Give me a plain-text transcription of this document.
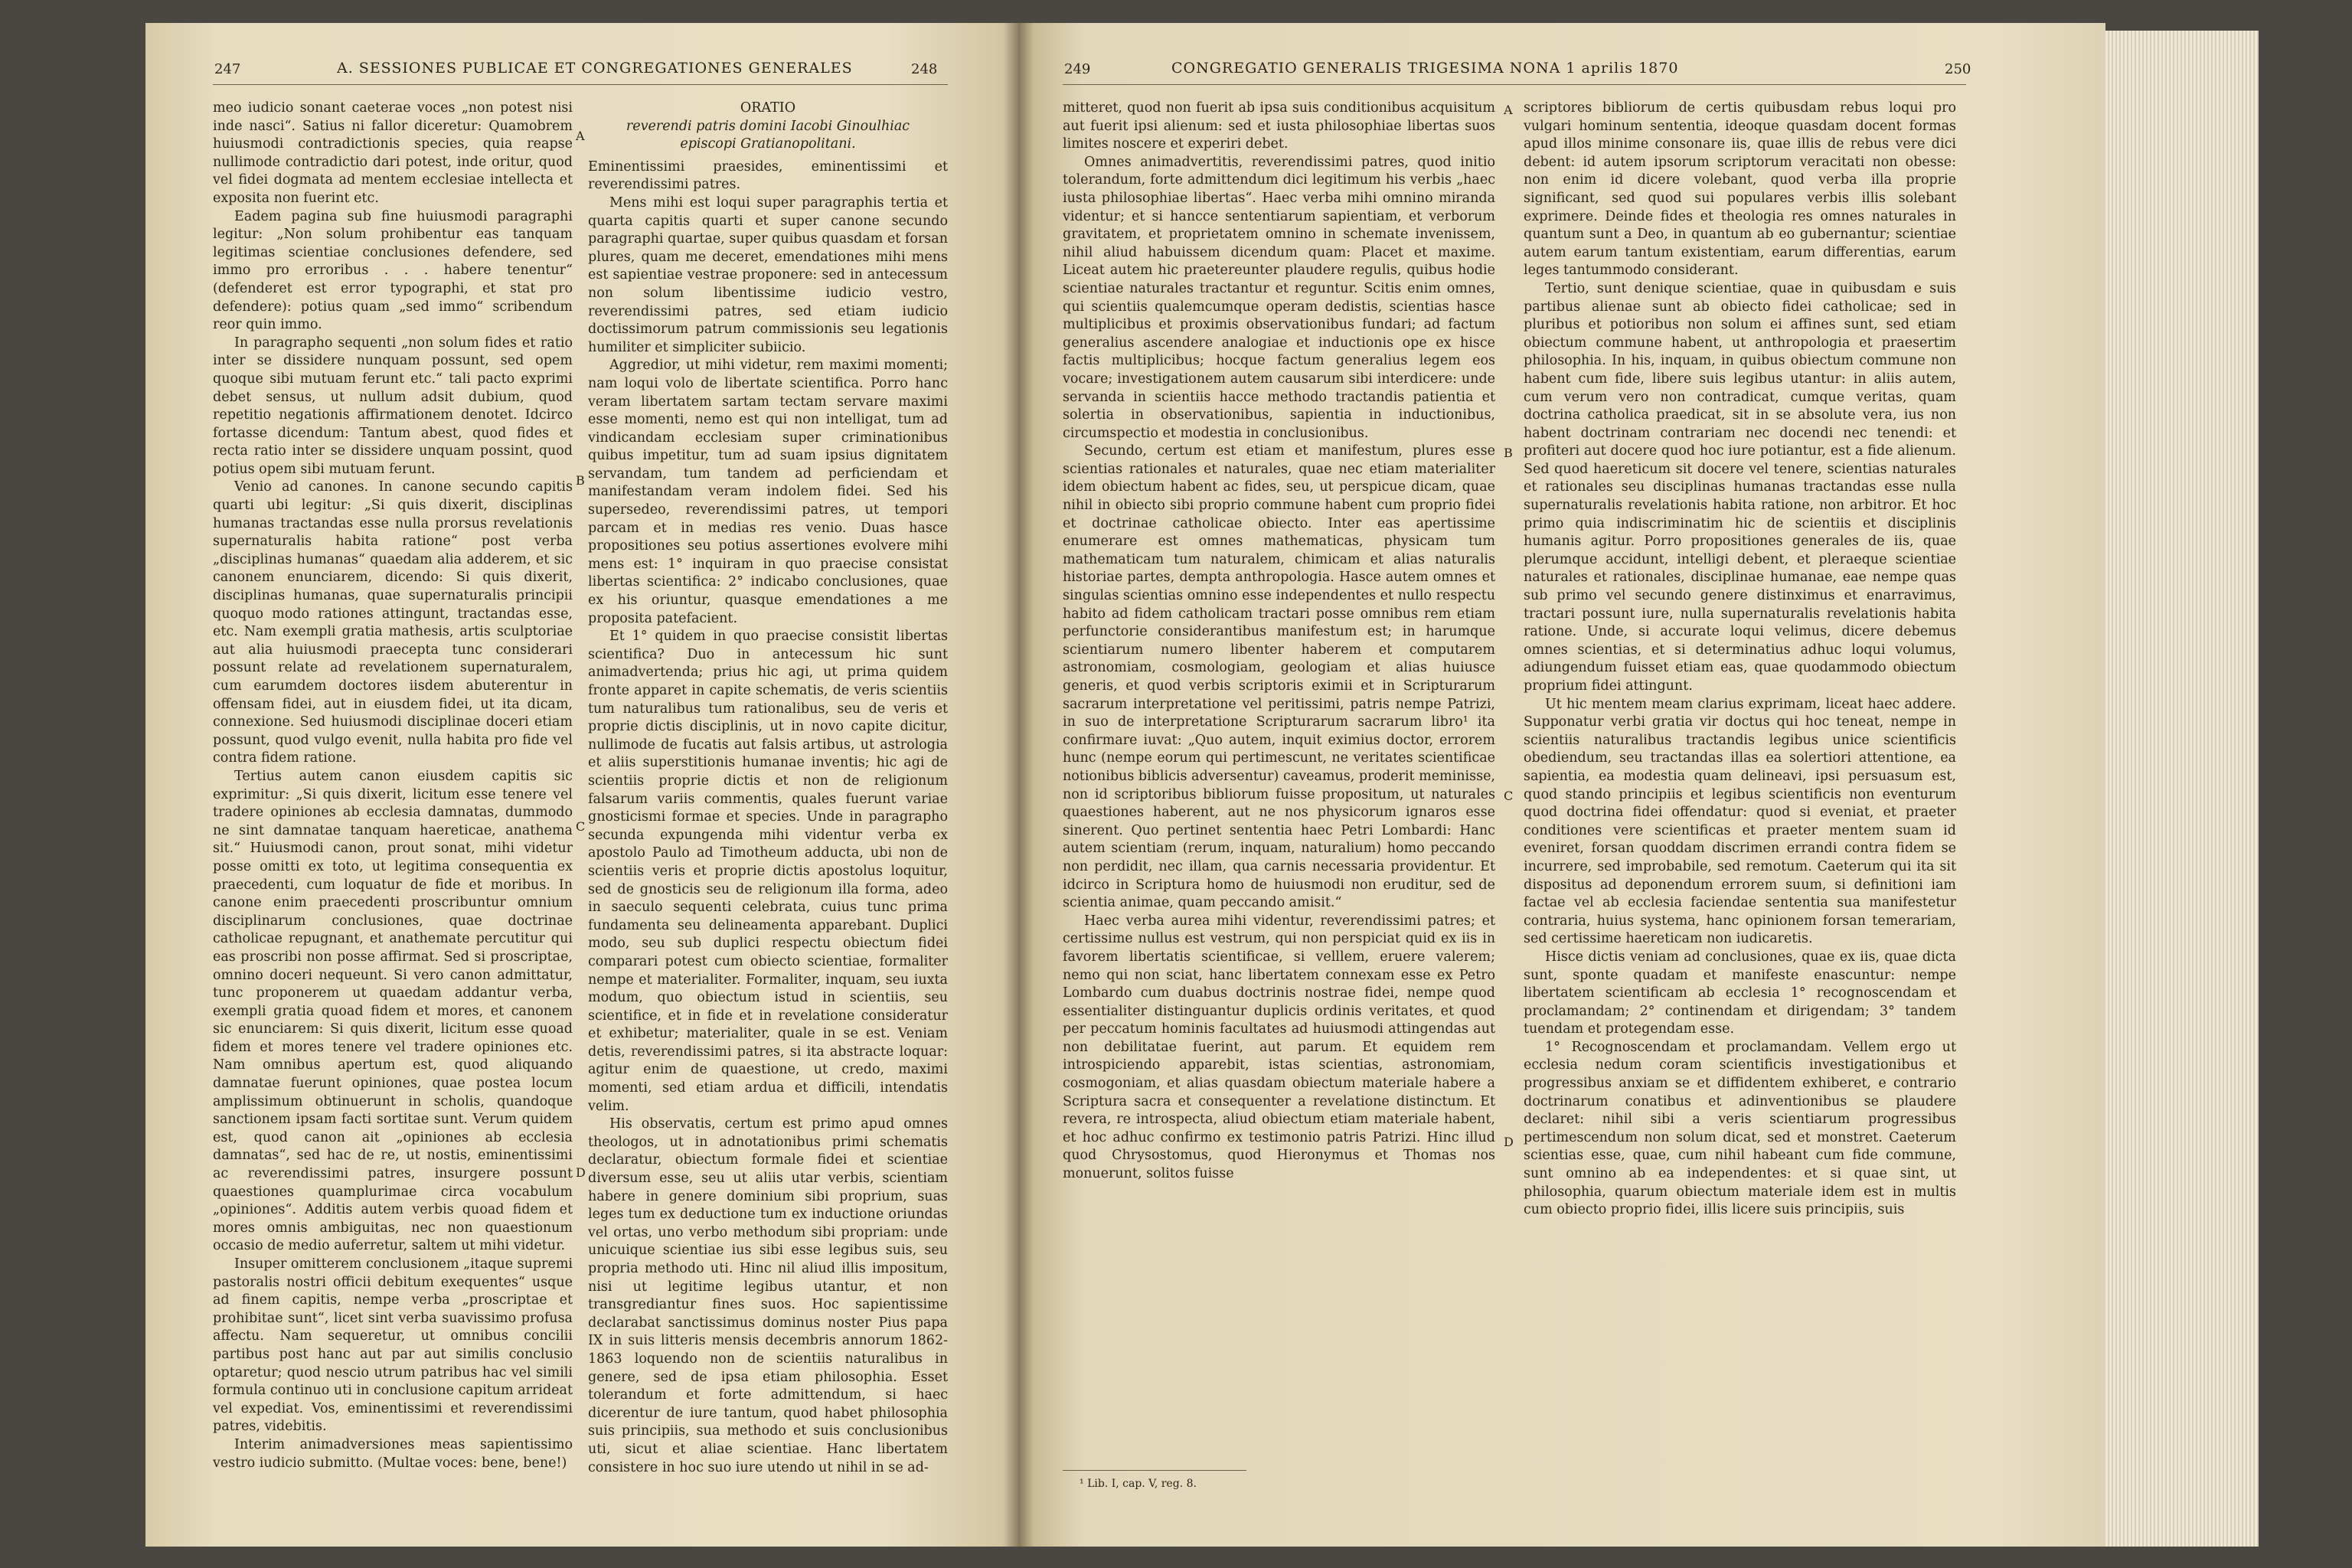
247	A. SESSIONES PUBLICAE ET CONGREGATIONES GENERALES	248

meo iudicio sonant caeterae voces „non potest nisi inde nasci“. Satius ni fallor diceretur: Quamobrem huiusmodi contradictionis species, quia reapse nullimode contradictio dari potest, inde oritur, quod vel fidei dogmata ad mentem ecclesiae intellecta et exposita non fuerint etc.

Eadem pagina sub fine huiusmodi paragraphi legitur: „Non solum prohibentur eas tanquam legitimas scientiae conclusiones defendere, sed immo pro erroribus . . . habere tenentur“ (defenderet est error typographi, et stat pro defendere): potius quam „sed immo“ scribendum reor quin immo.

In paragrapho sequenti „non solum fides et ratio inter se dissidere nunquam possunt, sed opem quoque sibi mutuam ferunt etc.“ tali pacto exprimi debet sensus, ut nullum adsit dubium, quod repetitio negationis affirmationem denotet. Idcirco fortasse dicendum: Tantum abest, quod fides et recta ratio inter se dissidere unquam possint, quod potius opem sibi mutuam ferunt.

Venio ad canones. In canone secundo capitis quarti ubi legitur: „Si quis dixerit, disciplinas humanas tractandas esse nulla prorsus revelationis supernaturalis habita ratione“ post verba „disciplinas humanas“ quaedam alia adderem, et sic canonem enunciarem, dicendo: Si quis dixerit, disciplinas humanas, quae supernaturalis principii quoquo modo rationes attingunt, tractandas esse, etc. Nam exempli gratia mathesis, artis sculptoriae aut alia huiusmodi praecepta tunc considerari possunt relate ad revelationem supernaturalem, cum earumdem doctores iisdem abuterentur in offensam fidei, aut in eiusdem fidei, ut ita dicam, connexione. Sed huiusmodi disciplinae doceri etiam possunt, quod vulgo evenit, nulla habita pro fide vel contra fidem ratione.

Tertius autem canon eiusdem capitis sic exprimitur: „Si quis dixerit, licitum esse tenere vel tradere opiniones ab ecclesia damnatas, dummodo ne sint damnatae tanquam haereticae, anathema sit.“ Huiusmodi canon, prout sonat, mihi videtur posse omitti ex toto, ut legitima consequentia ex praecedenti, cum loquatur de fide et moribus. In canone enim praecedenti proscribuntur omnium disciplinarum conclusiones, quae doctrinae catholicae repugnant, et anathemate percutitur qui eas proscribi non posse affirmat. Sed si proscriptae, omnino doceri nequeunt. Si vero canon admittatur, tunc proponerem ut quaedam addantur verba, exempli gratia quoad fidem et mores, et canonem sic enunciarem: Si quis dixerit, licitum esse quoad fidem et mores tenere vel tradere opiniones etc. Nam omnibus apertum est, quod aliquando damnatae fuerunt opiniones, quae postea locum amplissimum obtinuerunt in scholis, quandoque sanctionem ipsam facti sortitae sunt. Verum quidem est, quod canon ait „opiniones ab ecclesia damnatas“, sed hac de re, ut nostis, eminentissimi ac reverendissimi patres, insurgere possunt quaestiones quamplurimae circa vocabulum „opiniones“. Additis autem verbis quoad fidem et mores omnis ambiguitas, nec non quaestionum occasio de medio auferretur, saltem ut mihi videtur.

Insuper omitterem conclusionem „itaque supremi pastoralis nostri officii debitum exequentes“ usque ad finem capitis, nempe verba „proscriptae et prohibitae sunt“, licet sint verba suavissimo profusa affectu. Nam sequeretur, ut omnibus concilii partibus post hanc aut par aut similis conclusio optaretur; quod nescio utrum patribus hac vel simili formula continuo uti in conclusione capitum arrideat vel expediat. Vos, eminentissimi et reverendissimi patres, videbitis.

Interim animadversiones meas sapientissimo vestro iudicio submitto. (Multae voces: bene, bene!)

ORATIO

reverendi patris domini Iacobi Ginoulhiac

episcopi Gratianopolitani.

Eminentissimi praesides, eminentissimi et reverendissimi patres.

Mens mihi est loqui super paragraphis tertia et quarta capitis quarti et super canone secundo paragraphi quartae, super quibus quasdam et forsan plures, quam me deceret, emendationes mihi mens est sapientiae vestrae proponere: sed in antecessum non solum libentissime iudicio vestro, reverendissimi patres, sed etiam iudicio doctissimorum patrum commissionis seu legationis humiliter et simpliciter subiicio.

Aggredior, ut mihi videtur, rem maximi momenti; nam loqui volo de libertate scientifica. Porro hanc veram libertatem sartam tectam servare maximi esse momenti, nemo est qui non intelligat, tum ad vindicandam ecclesiam super criminationibus quibus impetitur, tum ad suam ipsius dignitatem servandam, tum tandem ad perficiendam et manifestandam veram indolem fidei. Sed his supersedeo, reverendissimi patres, ut tempori parcam et in medias res venio. Duas hasce propositiones seu potius assertiones evolvere mihi mens est: 1° inquiram in quo praecise consistat libertas scientifica: 2° indicabo conclusiones, quae ex his oriuntur, quasque emendationes a me proposita patefacient.

Et 1° quidem in quo praecise consistit libertas scientifica? Duo in antecessum hic sunt animadvertenda; prius hic agi, ut prima quidem fronte apparet in capite schematis, de veris scientiis tum naturalibus tum rationalibus, seu de veris et proprie dictis disciplinis, ut in novo capite dicitur, nullimode de fucatis aut falsis artibus, ut astrologia et aliis superstitionis humanae inventis; hic agi de scientiis proprie dictis et non de religionum falsarum variis commentis, quales fuerunt variae gnosticismi formae et species. Unde in paragrapho secunda expungenda mihi videntur verba ex apostolo Paulo ad Timotheum adducta, ubi non de scientiis veris et proprie dictis apostolus loquitur, sed de gnosticis seu de religionum illa forma, adeo in saeculo sequenti celebrata, cuius tunc prima fundamenta seu delineamenta apparebant. Duplici modo, seu sub duplici respectu obiectum fidei comparari potest cum obiecto scientiae, formaliter nempe et materialiter. Formaliter, inquam, seu iuxta modum, quo obiectum istud in scientiis, seu scientifice, et in fide et in revelatione consideratur et exhibetur; materialiter, quale in se est. Veniam detis, reverendissimi patres, si ita abstracte loquar: agitur enim de quaestione, ut credo, maximi momenti, sed etiam ardua et difficili, intendatis velim.

His observatis, certum est primo apud omnes theologos, ut in adnotationibus primi schematis declaratur, obiectum formale fidei et scientiae diversum esse, seu ut aliis utar verbis, scientiam habere in genere dominium sibi proprium, suas leges tum ex deductione tum ex inductione oriundas vel ortas, uno verbo methodum sibi propriam: unde unicuique scientiae ius sibi esse legibus suis, seu propria methodo uti. Hinc nil aliud illis impositum, nisi ut legitime legibus utantur, et non transgrediantur fines suos. Hoc sapientissime declarabat sanctissimus dominus noster Pius papa IX in suis litteris mensis decembris annorum 1862-1863 loquendo non de scientiis naturalibus in genere, sed de ipsa etiam philosophia. Esset tolerandum et forte admittendum, si haec dicerentur de iure tantum, quod habet philosophia suis principiis, sua methodo et suis conclusionibus uti, sicut et aliae scientiae. Hanc libertatem consistere in hoc suo iure utendo ut nihil in se ad-

A
B
C
D
249	CONGREGATIO GENERALIS TRIGESIMA NONA 1 aprilis 1870	250

mitteret, quod non fuerit ab ipsa suis conditionibus acquisitum aut fuerit ipsi alienum: sed et iusta philosophiae libertas suos limites noscere et experiri debet.

Omnes animadvertitis, reverendissimi patres, quod initio tolerandum, forte admittendum dici legitimum his verbis „haec iusta philosophiae libertas“. Haec verba mihi omnino miranda videntur; et si hancce sententiarum sapientiam, et verborum gravitatem, et proprietatem omnino in schemate invenissem, nihil aliud habuissem dicendum quam: Placet et maxime. Liceat autem hic praetereunter plaudere regulis, quibus hodie scientiae naturales tractantur et reguntur. Scitis enim omnes, qui scientiis qualemcumque operam dedistis, scientias hasce multiplicibus et proximis observationibus fundari; ad factum generalius ascendere analogiae et inductionis ope ex hisce factis multiplicibus; hocque factum generalius legem eos vocare; investigationem autem causarum sibi interdicere: unde servanda in scientiis hacce methodo tractandis patientia et solertia in observationibus, sapientia in inductionibus, circumspectio et modestia in conclusionibus.

Secundo, certum est etiam et manifestum, plures esse scientias rationales et naturales, quae nec etiam materialiter idem obiectum habent ac fides, seu, ut perspicue dicam, quae nihil in obiecto sibi proprio commune habent cum proprio fidei et doctrinae catholicae obiecto. Inter eas apertissime enumerare est omnes mathematicas, physicam tum mathematicam tum naturalem, chimicam et alias naturalis historiae partes, dempta anthropologia. Hasce autem omnes et singulas scientias omnino esse independentes et nullo respectu habito ad fidem catholicam tractari posse omnibus rem etiam perfunctorie considerantibus manifestum est; in harumque scientiarum numero libenter haberem et computarem astronomiam, cosmologiam, geologiam et alias huiusce generis, et quod verbis scriptoris eximii et in Scripturarum sacrarum interpretatione vel peritissimi, patris nempe Patrizi, in suo de interpretatione Scripturarum sacrarum libro¹ ita confirmare iuvat: „Quo autem, inquit eximius doctor, errorem hunc (nempe eorum qui pertimescunt, ne veritates scientificae notionibus biblicis adversentur) caveamus, proderit meminisse, non id scriptoribus bibliorum fuisse propositum, ut naturales quaestiones haberent, aut ne nos physicorum ignaros esse sinerent. Quo pertinet sententia haec Petri Lombardi: Hanc autem scientiam (rerum, inquam, naturalium) homo peccando non perdidit, nec illam, qua carnis necessaria providentur. Et idcirco in Scriptura homo de huiusmodi non eruditur, sed de scientia animae, quam peccando amisit.“

Haec verba aurea mihi videntur, reverendissimi patres; et certissime nullus est vestrum, qui non perspiciat quid ex iis in favorem libertatis scientificae, si velllem, eruere valerem; nemo qui non sciat, hanc libertatem connexam esse ex Petro Lombardo cum duabus doctrinis nostrae fidei, nempe quod essentialiter distinguantur duplicis ordinis veritates, et quod per peccatum hominis facultates ad huiusmodi attingendas aut non debilitatae fuerint, aut parum. Et equidem rem introspiciendo apparebit, istas scientias, astronomiam, cosmogoniam, et alias quasdam obiectum materiale habere a Scriptura sacra et consequenter a revelatione distinctum. Et revera, re introspecta, aliud obiectum etiam materiale habent, et hoc adhuc confirmo ex testimonio patris Patrizi. Hinc illud quod Chrysostomus, quod Hieronymus et Thomas nos monuerunt, solitos fuisse

scriptores bibliorum de certis quibusdam rebus loqui pro vulgari hominum sententia, ideoque quasdam docent formas apud illos minime consonare iis, quae illis de rebus vere dici debent: id autem ipsorum scriptorum veracitati non obesse: non enim id dicere volebant, quod verba illa proprie significant, sed quod sui populares verbis illis solebant exprimere. Deinde fides et theologia res omnes naturales in quantum sunt a Deo, in quantum ab eo gubernantur; scientiae autem earum tantum existentiam, earum differentias, earum leges tantummodo considerant.

Tertio, sunt denique scientiae, quae in quibusdam e suis partibus alienae sunt ab obiecto fidei catholicae; sed in pluribus et potioribus non solum ei affines sunt, sed etiam obiectum commune habent, ut anthropologia et praesertim philosophia. In his, inquam, in quibus obiectum commune non habent cum fide, libere suis legibus utantur: in aliis autem, cum verum vero non contradicat, cumque veritas, quam doctrina catholica praedicat, sit in se absolute vera, ius non habent doctrinam contrariam nec docendi nec tenendi: et profiteri aut docere quod hoc iure potiantur, est a fide alienum. Sed quod haereticum sit docere vel tenere, scientias naturales et rationales seu disciplinas humanas tractandas esse nulla supernaturalis revelationis habita ratione, non arbitror. Et hoc primo quia indiscriminatim hic de scientiis et disciplinis humanis agitur. Porro propositiones generales de iis, quae plerumque accidunt, intelligi debent, et pleraeque scientiae naturales et rationales, disciplinae humanae, eae nempe quas sub primo vel secundo genere distinximus et enarravimus, tractari possunt iure, nulla supernaturalis revelationis habita ratione. Unde, si accurate loqui velimus, dicere debemus omnes scientias, et si determinatius adhuc loqui volumus, adiungendum fuisset etiam eas, quae quodammodo obiectum proprium fidei attingunt.

Ut hic mentem meam clarius exprimam, liceat haec addere. Supponatur verbi gratia vir doctus qui hoc teneat, nempe in scientiis naturalibus tractandis legibus unice scientificis obediendum, seu tractandas illas ea solertiori attentione, ea sapientia, ea modestia quam delineavi, ipsi persuasum est, quod stando principiis et legibus scientificis non eventurum quod doctrina fidei offendatur: quod si eveniat, et praeter conditiones vere scientificas et praeter mentem suam id eveniret, forsan quoddam discrimen errandi contra fidem se incurrere, sed improbabile, sed remotum. Caeterum qui ita sit dispositus ad deponendum errorem suum, si definitioni iam factae vel ab ecclesia faciendae sententia sua manifestetur contraria, huius systema, hanc opinionem forsan temerariam, sed certissime haereticam non iudicaretis.

Hisce dictis veniam ad conclusiones, quae ex iis, quae dicta sunt, sponte quadam et manifeste enascuntur: nempe libertatem scientificam ab ecclesia 1° recognoscendam et proclamandam; 2° continendam et dirigendam; 3° tandem tuendam et protegendam esse.

1° Recognoscendam et proclamandam. Vellem ergo ut ecclesia nedum coram scientificis investigationibus et progressibus anxiam se et diffidentem exhiberet, e contrario doctrinarum conatibus et adinventionibus se plaudere declaret: nihil sibi a veris scientiarum progressibus pertimescendum non solum dicat, sed et monstret. Caeterum scientias esse, quae, cum nihil habeant cum fide commune, sunt omnino ab ea independentes: et si quae sint, ut philosophia, quarum obiectum materiale idem est in multis cum obiecto proprio fidei, illis licere suis principiis, suis

A
B
C
D
¹ Lib. I, cap. V, reg. 8.
